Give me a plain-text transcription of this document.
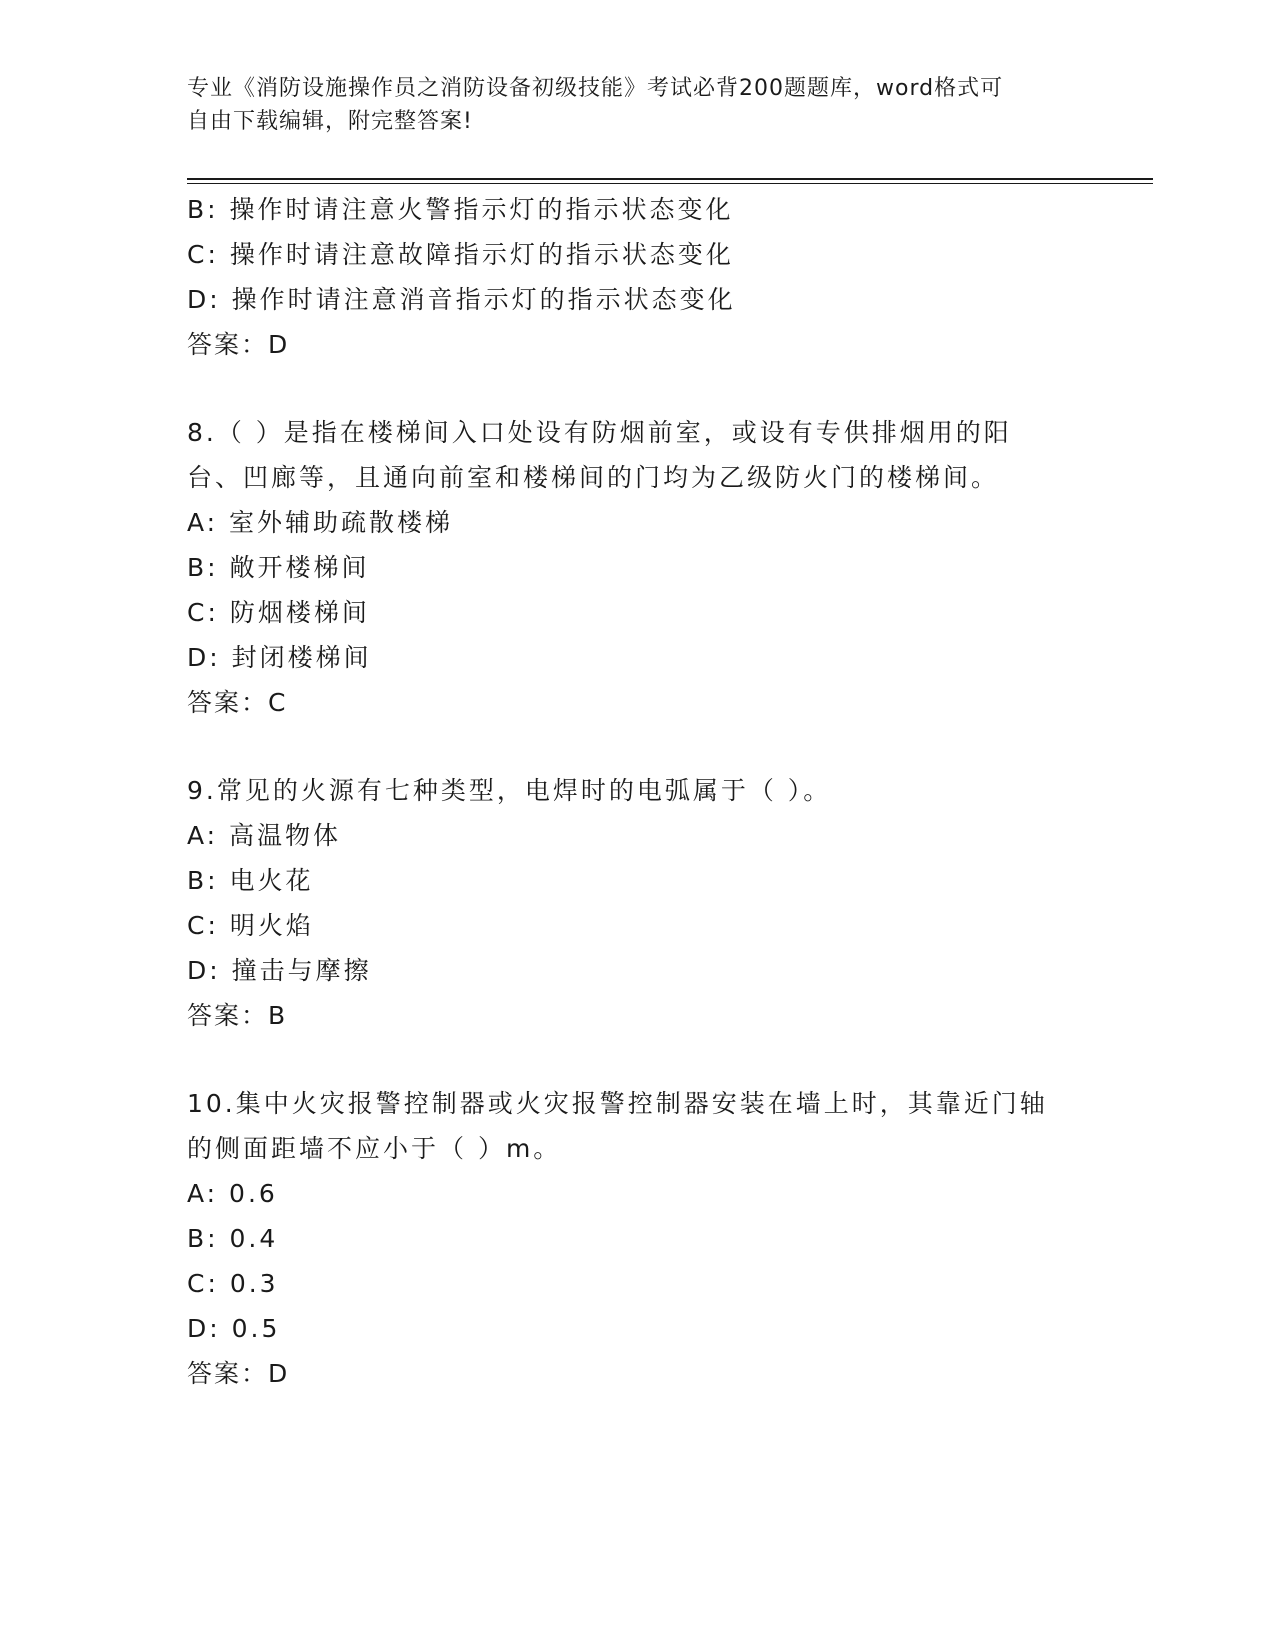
专业《消防设施操作员之消防设备初级技能》考试必背200题题库，word格式可
自由下载编辑，附完整答案!
B: 操作时请注意火警指示灯的指示状态变化
C: 操作时请注意故障指示灯的指示状态变化
D: 操作时请注意消音指示灯的指示状态变化
答案：D
8.（ ）是指在楼梯间入口处设有防烟前室，或设有专供排烟用的阳
台、凹廊等，且通向前室和楼梯间的门均为乙级防火门的楼梯间。
A: 室外辅助疏散楼梯
B: 敞开楼梯间
C: 防烟楼梯间
D: 封闭楼梯间
答案：C
9.常见的火源有七种类型，电焊时的电弧属于（ ）。
A: 高温物体
B: 电火花
C: 明火焰
D: 撞击与摩擦
答案：B
10.集中火灾报警控制器或火灾报警控制器安装在墙上时，其靠近门轴
的侧面距墙不应小于（ ）m。
A: 0.6
B: 0.4
C: 0.3
D: 0.5
答案：D
